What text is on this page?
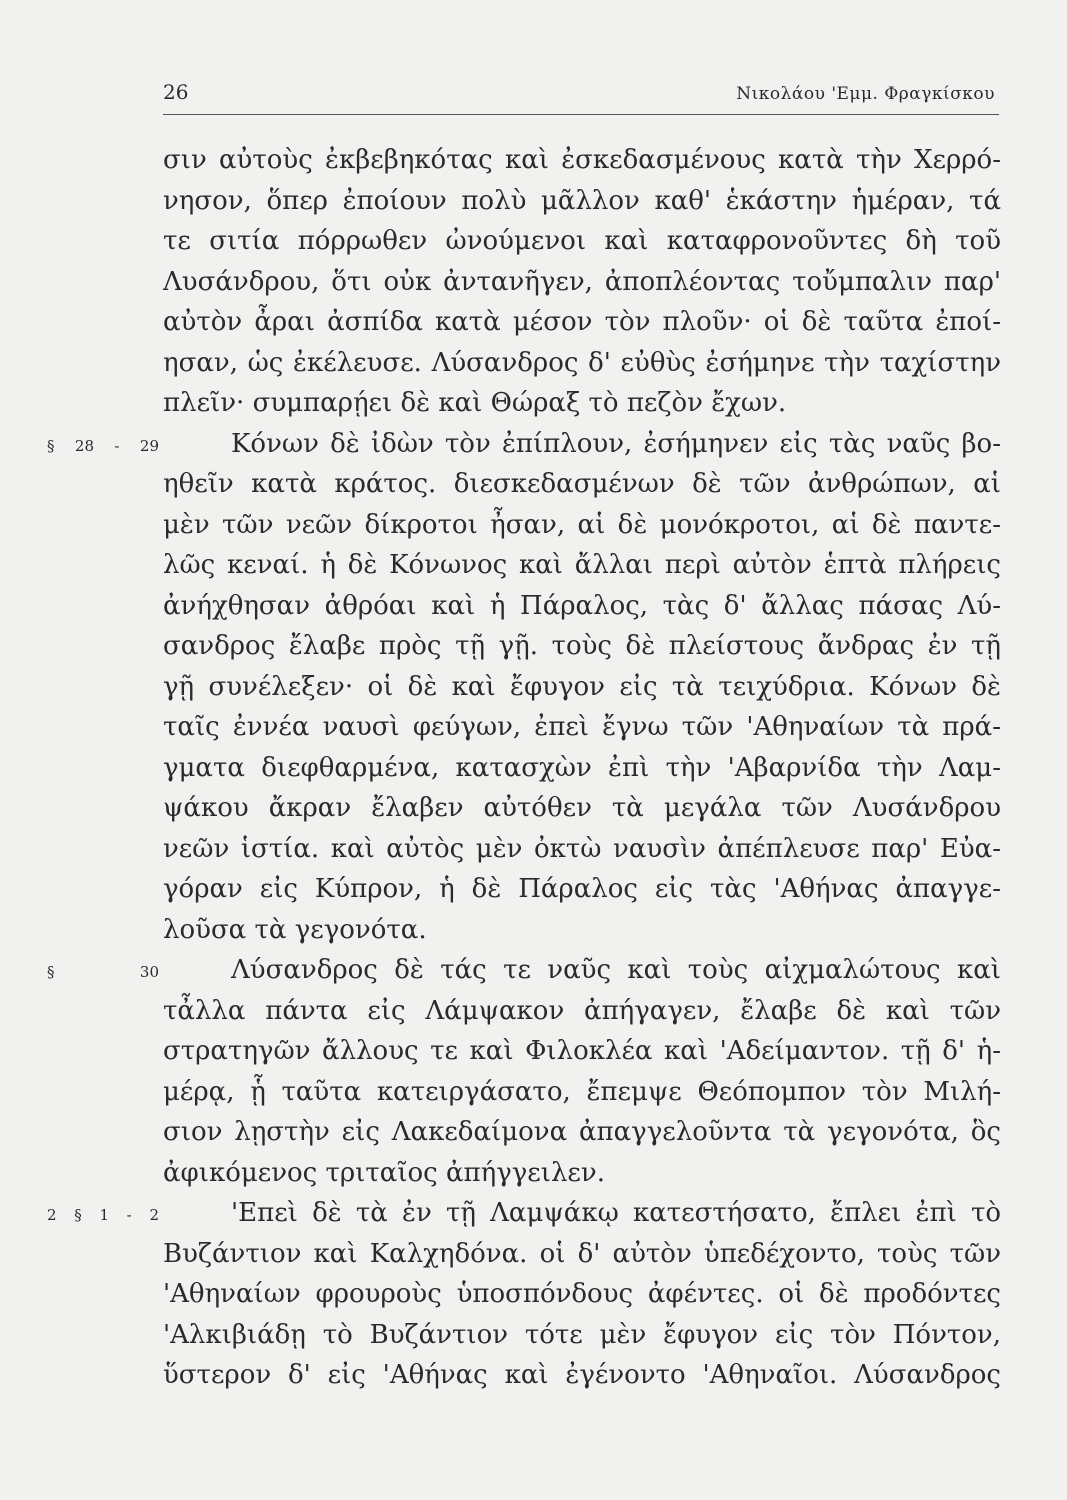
26	Νικολάου 'Εμμ. Φραγκίσκου
σιν αὐτοὺς ἐκβεβηκότας καὶ ἐσκεδασμένους κατὰ τὴν Χερρό-
νησον, ὅπερ ἐποίουν πολὺ μᾶλλον καθ' ἑκάστην ἡμέραν, τά
τε σιτία πόρρωθεν ὠνούμενοι καὶ καταφρονοῦντες δὴ τοῦ
Λυσάνδρου, ὅτι οὐκ ἀντανῆγεν, ἀποπλέοντας τοὔμπαλιν παρ'
αὐτὸν ἆραι ἀσπίδα κατὰ μέσον τὸν πλοῦν· οἱ δὲ ταῦτα ἐποί-
ησαν, ὡς ἐκέλευσε. Λύσανδρος δ' εὐθὺς ἐσήμηνε τὴν ταχίστην
πλεῖν· συμπαρῄει δὲ καὶ Θώραξ τὸ πεζὸν ἔχων.
§ 28 - 29	Κόνων δὲ ἰδὼν τὸν ἐπίπλουν, ἐσήμηνεν εἰς τὰς ναῦς βο-
ηθεῖν κατὰ κράτος. διεσκεδασμένων δὲ τῶν ἀνθρώπων, αἱ
μὲν τῶν νεῶν δίκροτοι ἦσαν, αἱ δὲ μονόκροτοι, αἱ δὲ παντε-
λῶς κεναί. ἡ δὲ Κόνωνος καὶ ἄλλαι περὶ αὐτὸν ἑπτὰ πλήρεις
ἀνήχθησαν ἀθρόαι καὶ ἡ Πάραλος, τὰς δ' ἄλλας πάσας Λύ-
σανδρος ἔλαβε πρὸς τῇ γῇ. τοὺς δὲ πλείστους ἄνδρας ἐν τῇ
γῇ συνέλεξεν· οἱ δὲ καὶ ἔφυγον εἰς τὰ τειχύδρια. Κόνων δὲ
ταῖς ἐννέα ναυσὶ φεύγων, ἐπεὶ ἔγνω τῶν 'Αθηναίων τὰ πρά-
γματα διεφθαρμένα, κατασχὼν ἐπὶ τὴν 'Αβαρνίδα τὴν Λαμ-
ψάκου ἄκραν ἔλαβεν αὐτόθεν τὰ μεγάλα τῶν Λυσάνδρου
νεῶν ἱστία. καὶ αὐτὸς μὲν ὀκτὼ ναυσὶν ἀπέπλευσε παρ' Εὐα-
γόραν εἰς Κύπρον, ἡ δὲ Πάραλος εἰς τὰς 'Αθήνας ἀπαγγε-
λοῦσα τὰ γεγονότα.
§ 30	Λύσανδρος δὲ τάς τε ναῦς καὶ τοὺς αἰχμαλώτους καὶ
τἆλλα πάντα εἰς Λάμψακον ἀπήγαγεν, ἔλαβε δὲ καὶ τῶν
στρατηγῶν ἄλλους τε καὶ Φιλοκλέα καὶ 'Αδείμαντον. τῇ δ' ἡ-
μέρᾳ, ᾗ ταῦτα κατειργάσατο, ἔπεμψε Θεόπομπον τὸν Μιλή-
σιον λῃστὴν εἰς Λακεδαίμονα ἀπαγγελοῦντα τὰ γεγονότα, ὃς
ἀφικόμενος τριταῖος ἀπήγγειλεν.
2 § 1 - 2	'Επεὶ δὲ τὰ ἐν τῇ Λαμψάκῳ κατεστήσατο, ἔπλει ἐπὶ τὸ
Βυζάντιον καὶ Καλχηδόνα. οἱ δ' αὐτὸν ὑπεδέχοντο, τοὺς τῶν
'Αθηναίων φρουροὺς ὑποσπόνδους ἀφέντες. οἱ δὲ προδόντες
'Αλκιβιάδῃ τὸ Βυζάντιον τότε μὲν ἔφυγον εἰς τὸν Πόντον,
ὕστερον δ' εἰς 'Αθήνας καὶ ἐγένοντο 'Αθηναῖοι. Λύσανδρος
